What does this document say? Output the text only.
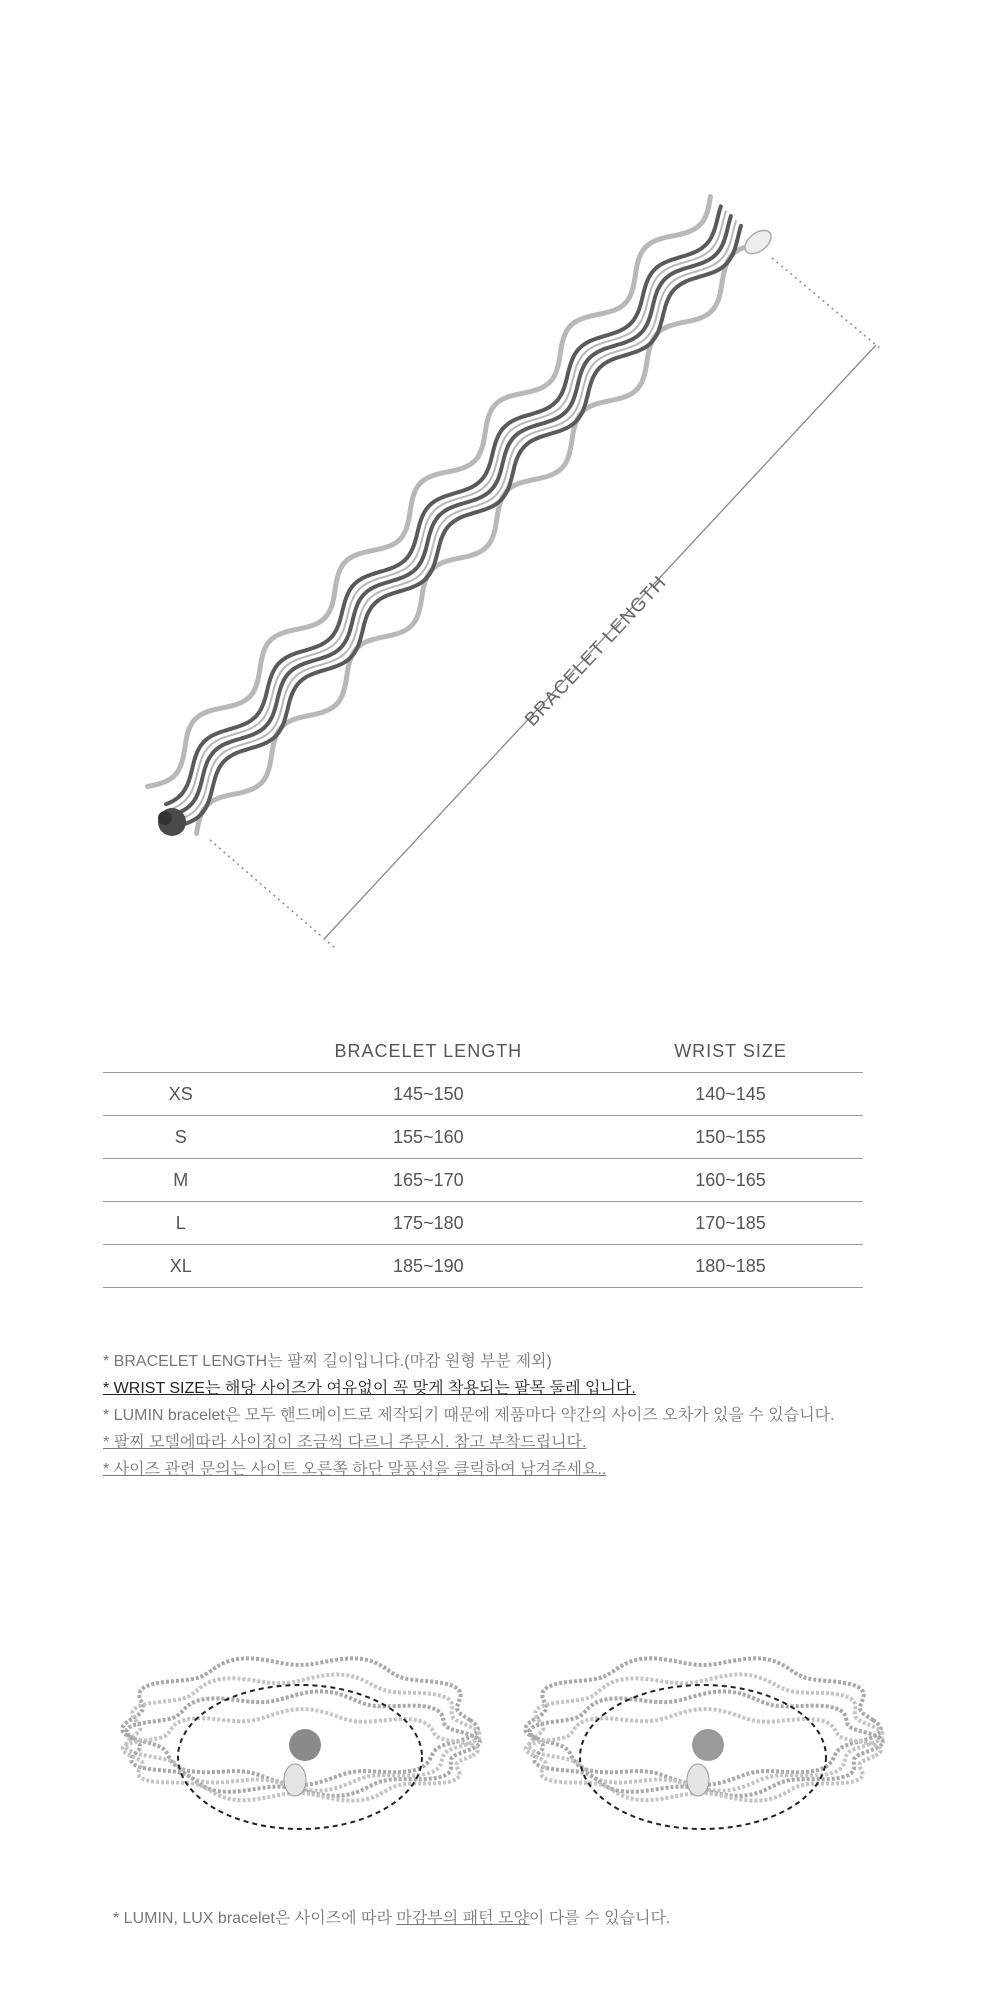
BRACELET LENGTH
	BRACELET LENGTH	WRIST SIZE
XS	145~150	140~145
S	155~160	150~155
M	165~170	160~165
L	175~180	170~185
XL	185~190	180~185
* BRACELET LENGTH는 팔찌 길이입니다.(마감 원형 부분 제외)
* WRIST SIZE는 해당 사이즈가 여유없이 꼭 맞게 착용되는 팔목 둘레 입니다.
* LUMIN bracelet은 모두 핸드메이드로 제작되기 때문에 제품마다 약간의 사이즈 오차가 있을 수 있습니다.
* 팔찌 모델에따라 사이징이 조금씩 다르니 주문시. 참고 부착드립니다.
* 사이즈 관련 문의는 사이트 오른쪽 하단 말풍선을 클릭하여 남겨주세요..
* LUMIN, LUX bracelet은 사이즈에 따라 마감부의 패턴 모양이 다를 수 있습니다.
